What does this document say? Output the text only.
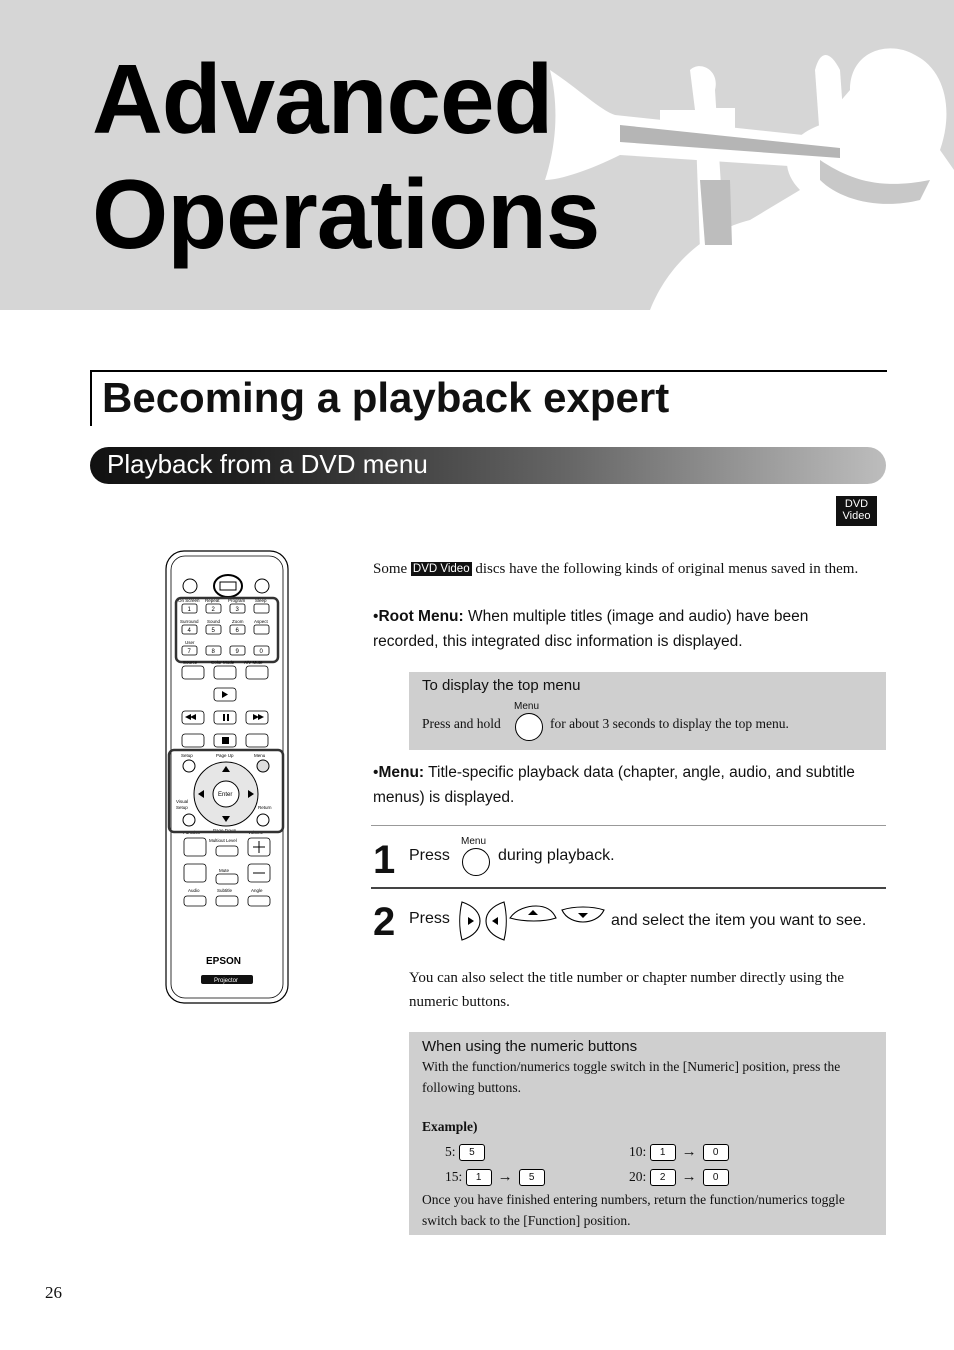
Advanced
Operations
Becoming a playback expert
Playback from a DVD menu
DVD
Video
1	2	3
4	5	6
7	8	9	0
On Screen Repeat Program Sleep
Surround Sound	Zoom Aspect
User
Source	Color Mode A/V Mute
Setup	Page Up	Menu
Visual
Setup	Return
Function	Page Down	Volume
Multiout Level
Mute
Audio	Subtitle	Angle
Enter
EPSON
Projector
Some DVD Video discs have the following kinds of original menus saved in them.
•Root Menu: When multiple titles (image and audio) have been recorded, this integrated disc information is displayed.
To display the top menu
Press and hold
Menu
for about 3 seconds to display the top menu.
•Menu: Title-specific playback data (chapter, angle, audio, and subtitle menus) is displayed.
1 Press
Menu
during playback.
2 Press	and select the item you want to see.
You can also select the title number or chapter number directly using the numeric buttons.
When using the numeric buttons
With the function/numerics toggle switch in the [Numeric] position, press the following buttons.
Example)
5: 5	10: 1 → 0
15: 1 → 5	20: 2 → 0
Once you have finished entering numbers, return the function/numerics toggle switch back to the [Function] position.
26
